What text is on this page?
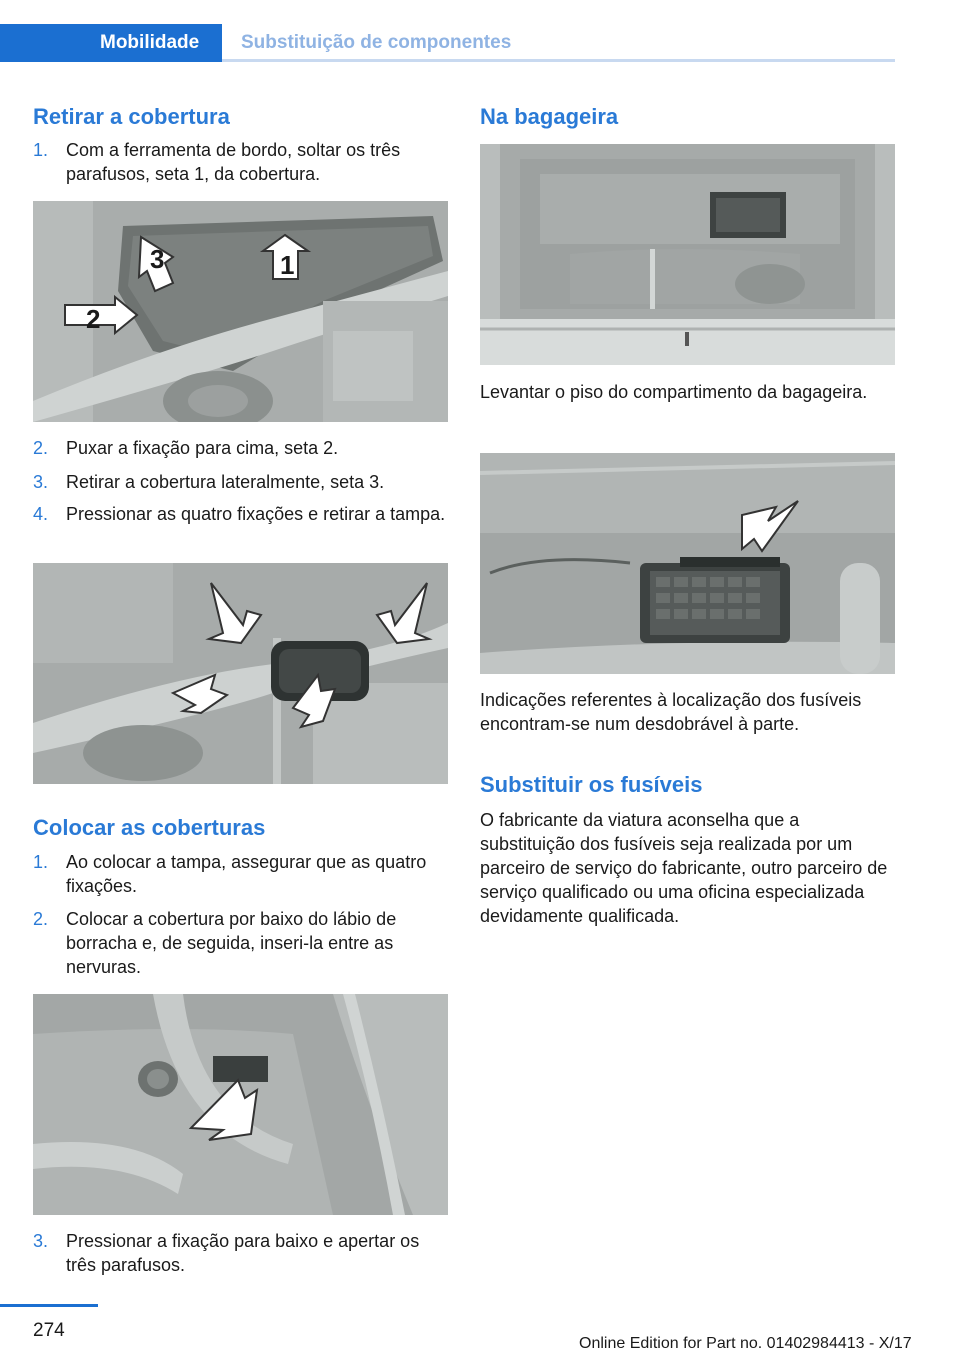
Mobilidade Substituição de componentes
Retirar a cobertura
1. Com a ferramenta de bordo, soltar os três parafusos, seta 1, da cobertura.
1
2
3
2. Puxar a fixação para cima, seta 2.
3. Retirar a cobertura lateralmente, seta 3.
4. Pressionar as quatro fixações e retirar a tampa.
Colocar as coberturas
1. Ao colocar a tampa, assegurar que as quatro fixações.
2. Colocar a cobertura por baixo do lábio de borracha e, de seguida, inseri-la entre as nervuras.
3. Pressionar a fixação para baixo e apertar os três parafusos.
Na bagageira

Levantar o piso do compartimento da bagageira.

Indicações referentes à localização dos fusíveis encontram-se num desdobrável à parte.

Substituir os fusíveis

O fabricante da viatura aconselha que a substituição dos fusíveis seja realizada por um parceiro de serviço do fabricante, outro parceiro de serviço qualificado ou uma oficina especializada devidamente qualificada.

274
Online Edition for Part no. 01402984413 - X/17
